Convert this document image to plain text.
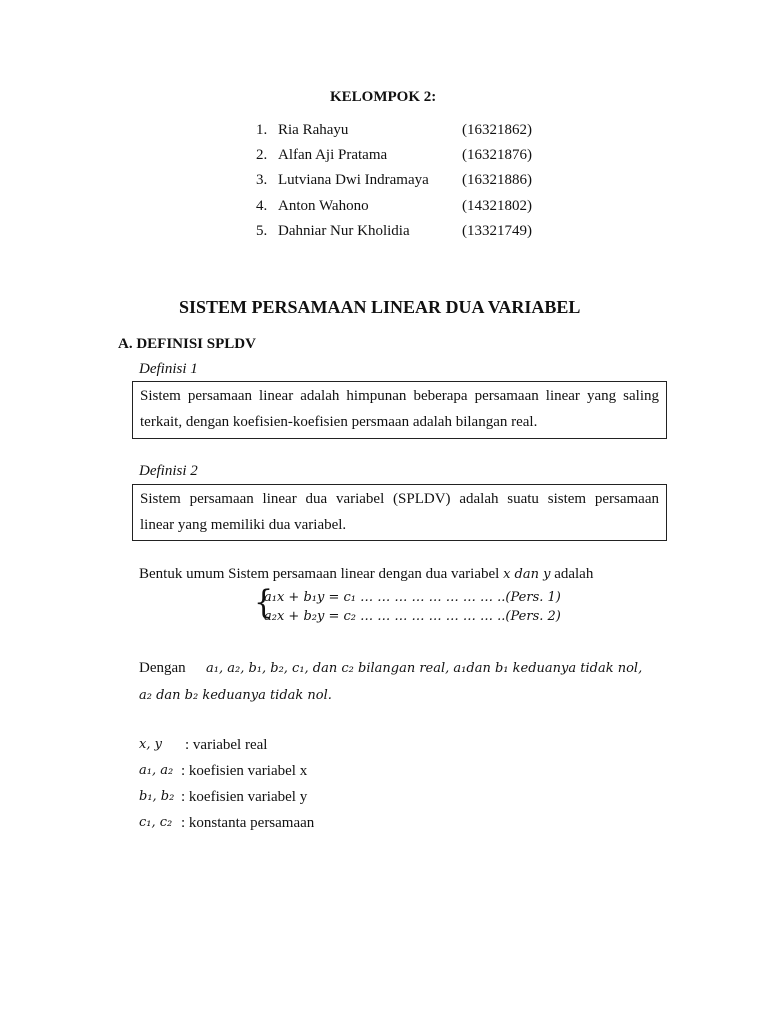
KELOMPOK 2:
1. Ria Rahayu	(16321862)
2. Alfan Aji Pratama	(16321876)
3. Lutviana Dwi Indramaya (16321886)
4. Anton Wahono	(14321802)
5. Dahniar Nur Kholidia	(13321749)
SISTEM PERSAMAAN LINEAR DUA VARIABEL
A. DEFINISI SPLDV
Definisi 1
Sistem persamaan linear adalah himpunan beberapa persamaan linear yang saling
terkait, dengan koefisien-koefisien persmaan adalah bilangan real.
Definisi 2
Sistem persamaan linear dua variabel (SPLDV) adalah suatu sistem persamaan
linear yang memiliki dua variabel.
Bentuk umum Sistem persamaan linear dengan dua variabel x dan y adalah
{
a₁x + b₁y = c₁ … … … … … … … … ..(Pers. 1)
a₂x + b₂y = c₂ … … … … … … … … ..(Pers. 2)
Dengan a₁, a₂, b₁, b₂, c₁, dan c₂ bilangan real, a₁dan b₁ keduanya tidak nol,
a₂ dan b₂ keduanya tidak nol.
x, y : variabel real
a₁, a₂ : koefisien variabel x
b₁, b₂ : koefisien variabel y
c₁, c₂ : konstanta persamaan
